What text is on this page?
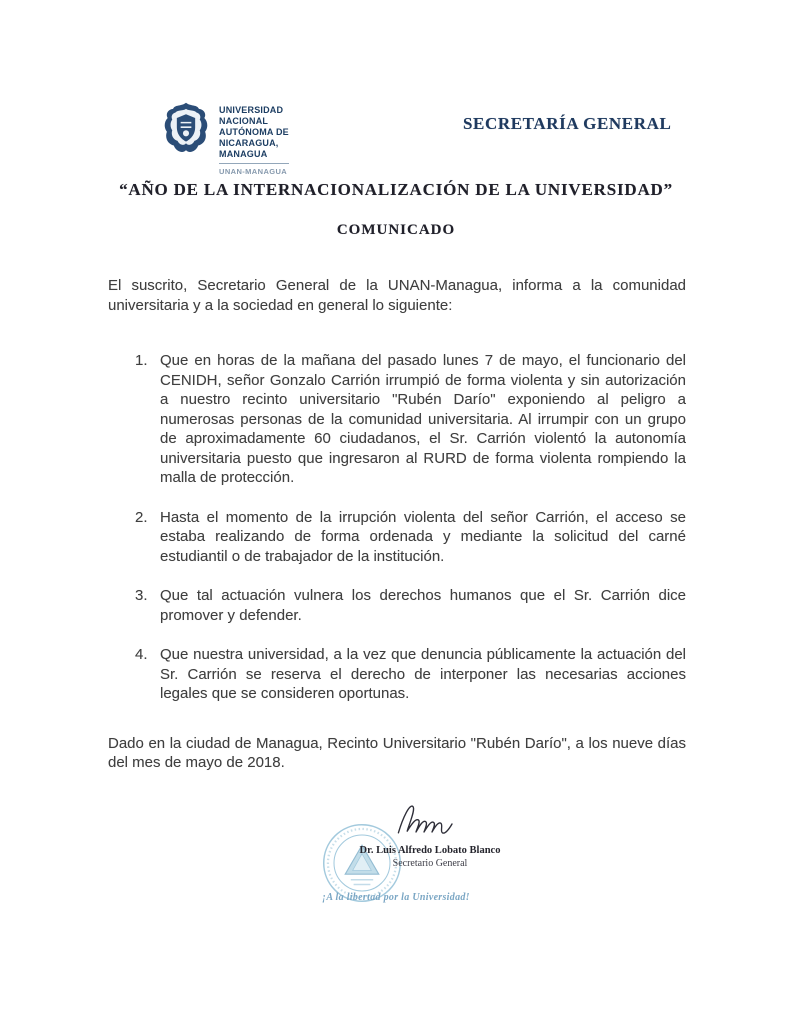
UNIVERSIDAD
NACIONAL
AUTÓNOMA DE
NICARAGUA,
MANAGUA
UNAN-MANAGUA
SECRETARÍA GENERAL
“AÑO DE LA INTERNACIONALIZACIÓN DE LA UNIVERSIDAD”
COMUNICADO

El suscrito, Secretario General de la UNAN-Managua, informa a la comunidad universitaria y a la sociedad en general lo siguiente:

1. Que en horas de la mañana del pasado lunes 7 de mayo, el funcionario del CENIDH, señor Gonzalo Carrión irrumpió de forma violenta y sin autorización a nuestro recinto universitario "Rubén Darío" exponiendo al peligro a numerosas personas de la comunidad universitaria. Al irrumpir con un grupo de aproximadamente 60 ciudadanos, el Sr. Carrión violentó la autonomía universitaria puesto que ingresaron al RURD de forma violenta rompiendo la malla de protección.
2. Hasta el momento de la irrupción violenta del señor Carrión, el acceso se estaba realizando de forma ordenada y mediante la solicitud del carné estudiantil o de trabajador de la institución.
3. Que tal actuación vulnera los derechos humanos que el Sr. Carrión dice promover y defender.
4. Que nuestra universidad, a la vez que denuncia públicamente la actuación del Sr. Carrión se reserva el derecho de interponer las necesarias acciones legales que se consideren oportunas.

Dado en la ciudad de Managua, Recinto Universitario "Rubén Darío", a los nueve días del mes de mayo de 2018.

Dr. Luis Alfredo Lobato Blanco
Secretario General
¡A la libertad por la Universidad!
